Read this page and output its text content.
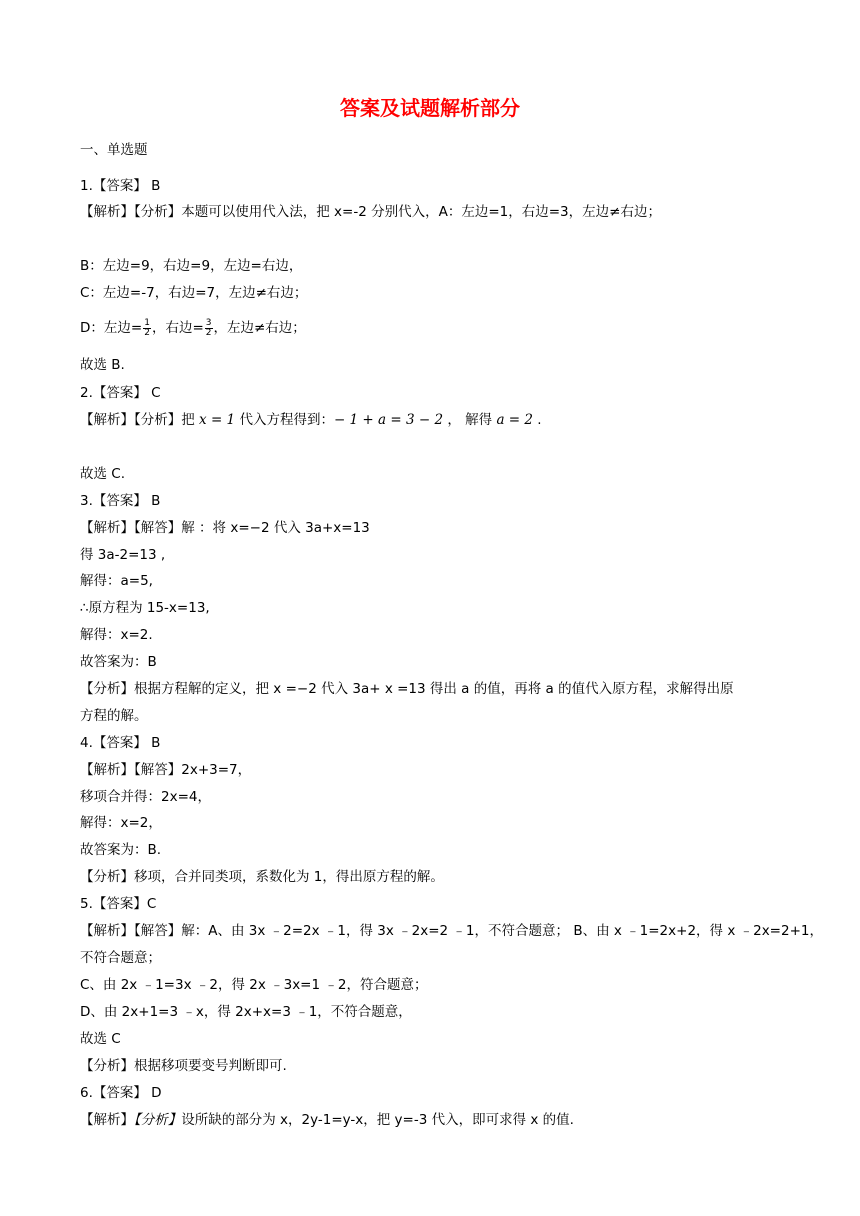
答案及试题解析部分
一、单选题
1.【答案】 B
【解析】【分析】本题可以使用代入法，把 x=-2 分别代入，A：左边=1，右边=3，左边≠右边；
B：左边=9，右边=9，左边=右边，
C：左边=-7，右边=7，左边≠右边；
D：左边= $\frac{1}{2}$ ，右边= $\frac{3}{2}$ ，左边≠右边；
故选 B.
2.【答案】 C
【解析】【分析】把 x = 1 代入方程得到：− 1 + a = 3 − 2 ， 解得 a = 2 .
故选 C.
3.【答案】 B
【解析】【解答】解 ：将 x=−2 代入 3a+x=13
得 3a-2=13 ,
解得：a=5,
∴原方程为 15-x=13,
解得：x=2.
故答案为：B
【分析】根据方程解的定义，把 x =−2 代入 3a+ x =13 得出 a 的值，再将 a 的值代入原方程，求解得出原
方程的解。
4.【答案】 B
【解析】【解答】2x+3=7，
移项合并得：2x=4，
解得：x=2，
故答案为：B.
【分析】移项，合并同类项，系数化为 1，得出原方程的解。
5.【答案】C
【解析】【解答】解：A、由 3x ﹣2=2x ﹣1，得 3x ﹣2x=2 ﹣1，不符合题意； B、由 x ﹣1=2x+2，得 x ﹣2x=2+1，
不符合题意；
C、由 2x ﹣1=3x ﹣2，得 2x ﹣3x=1 ﹣2，符合题意；
D、由 2x+1=3 ﹣x，得 2x+x=3 ﹣1，不符合题意，
故选 C
【分析】根据移项要变号判断即可.
6.【答案】 D
【解析】【分析】设所缺的部分为 x，2y-1=y-x，把 y=-3 代入，即可求得 x 的值.
